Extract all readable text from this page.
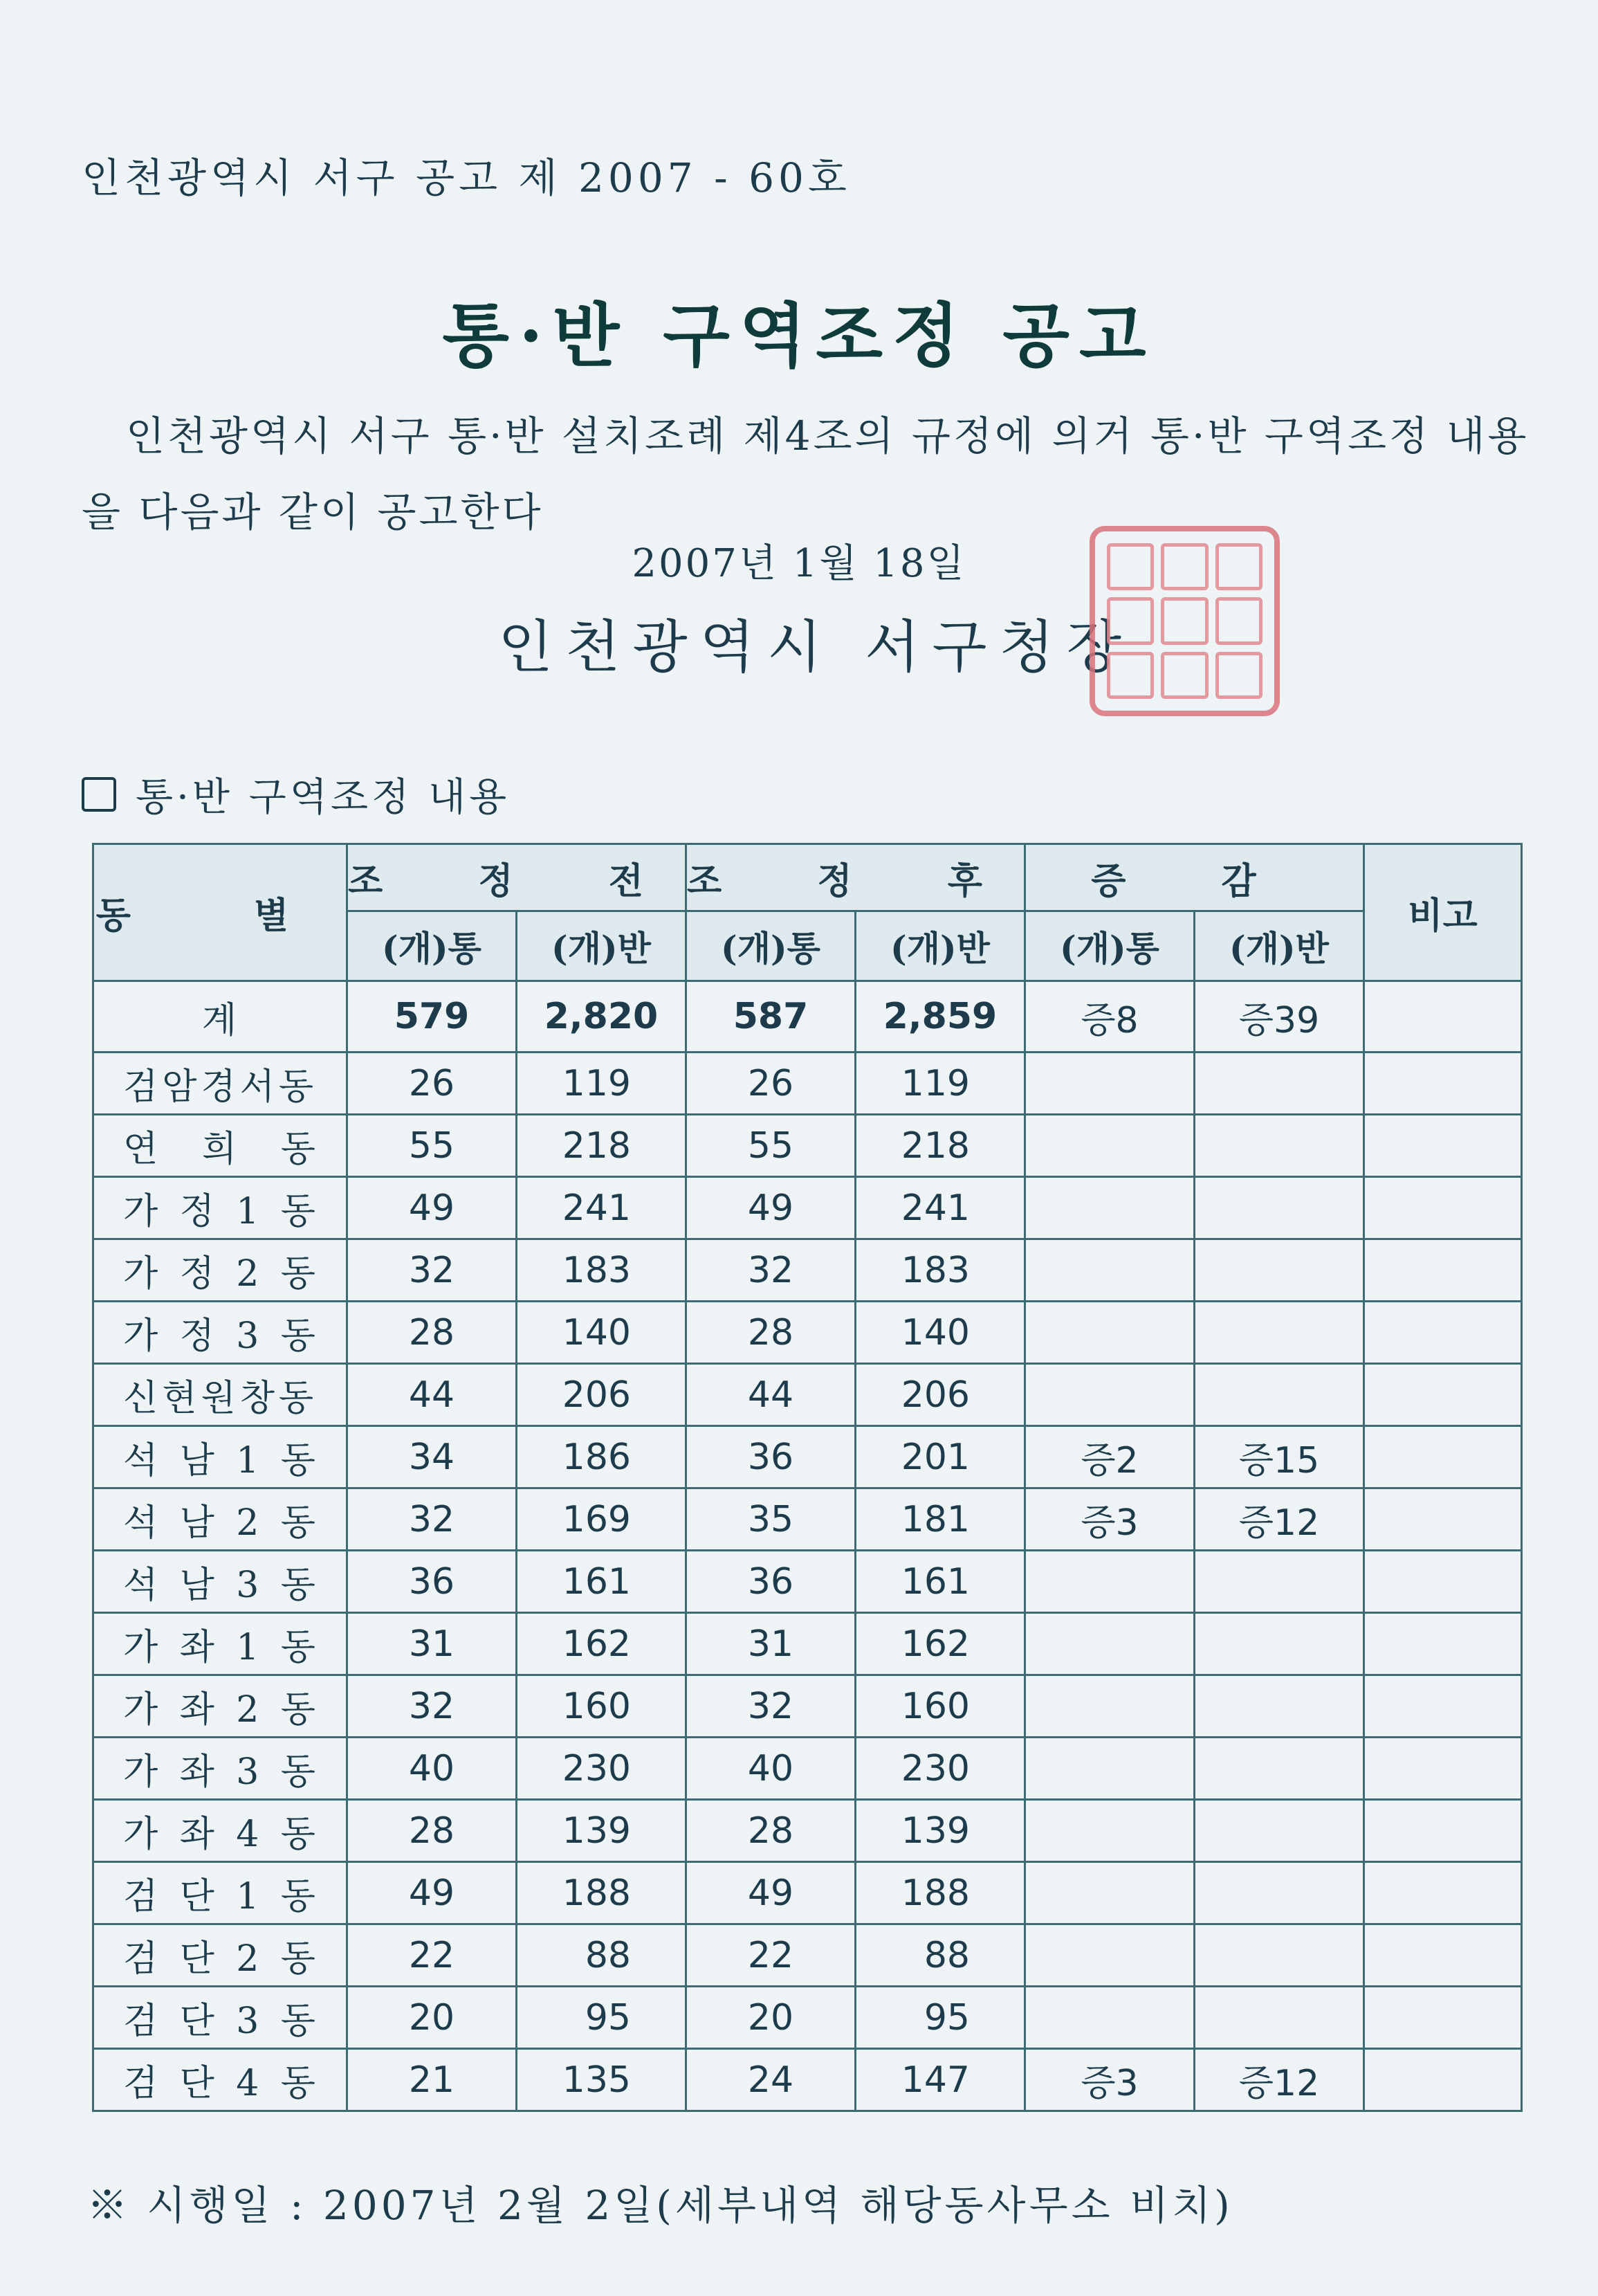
인천광역시 서구 공고 제 2007 - 60호
통·반 구역조정 공고
인천광역시 서구 통·반 설치조례 제4조의 규정에 의거 통·반 구역조정 내용을 다음과 같이 공고한다
2007년 1월 18일
인천광역시 서구청장
통·반 구역조정 내용
동 별	조 정 전		조 정 후		증 감		비고
	(개)통	(개)반	(개)통	(개)반	(개)통	(개)반	
계	579	2,820	587	2,859	증8	증39	
검암경서동	26	119	26	119			
연 희 동	55	218	55	218			
가 정 1 동	49	241	49	241			
가 정 2 동	32	183	32	183			
가 정 3 동	28	140	28	140			
신현원창동	44	206	44	206			
석 남 1 동	34	186	36	201	증2	증15	
석 남 2 동	32	169	35	181	증3	증12	
석 남 3 동	36	161	36	161			
가 좌 1 동	31	162	31	162			
가 좌 2 동	32	160	32	160			
가 좌 3 동	40	230	40	230			
가 좌 4 동	28	139	28	139			
검 단 1 동	49	188	49	188			
검 단 2 동	22	88	22	88			
검 단 3 동	20	95	20	95			
검 단 4 동	21	135	24	147	증3	증12	
※ 시행일 : 2007년 2월 2일(세부내역 해당동사무소 비치)
